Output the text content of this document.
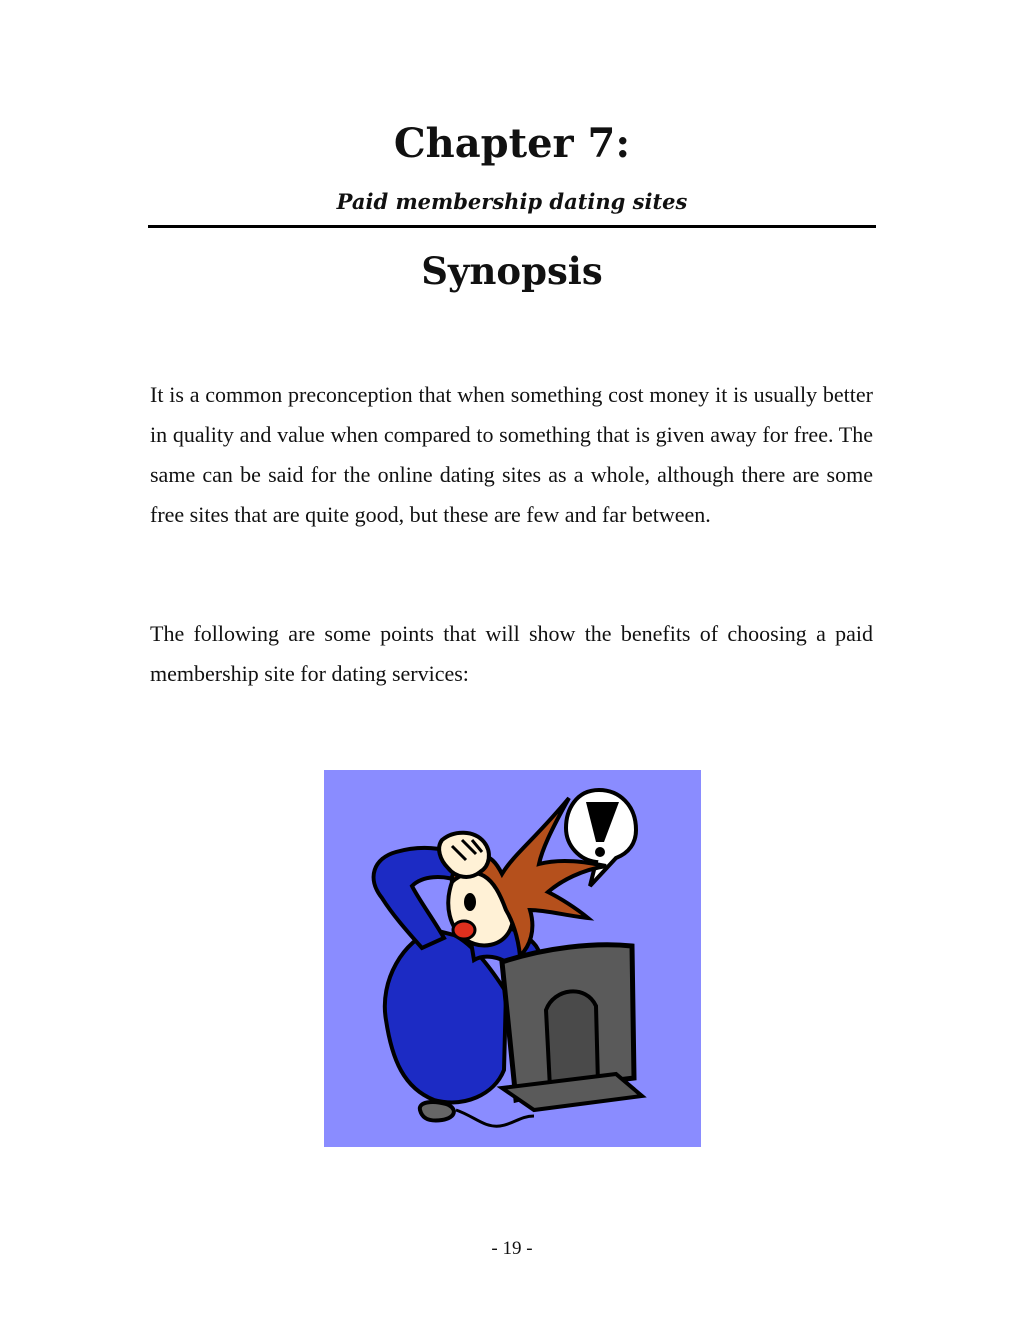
Chapter 7:

Paid membership dating sites

Synopsis

It is a common preconception that when something cost money it is usually better in quality and value when compared to something that is given away for free. The same can be said for the online dating sites as a whole, although there are some free sites that are quite good, but these are few and far between.

The following are some points that will show the benefits of choosing a paid membership site for dating services:

- 19 -
